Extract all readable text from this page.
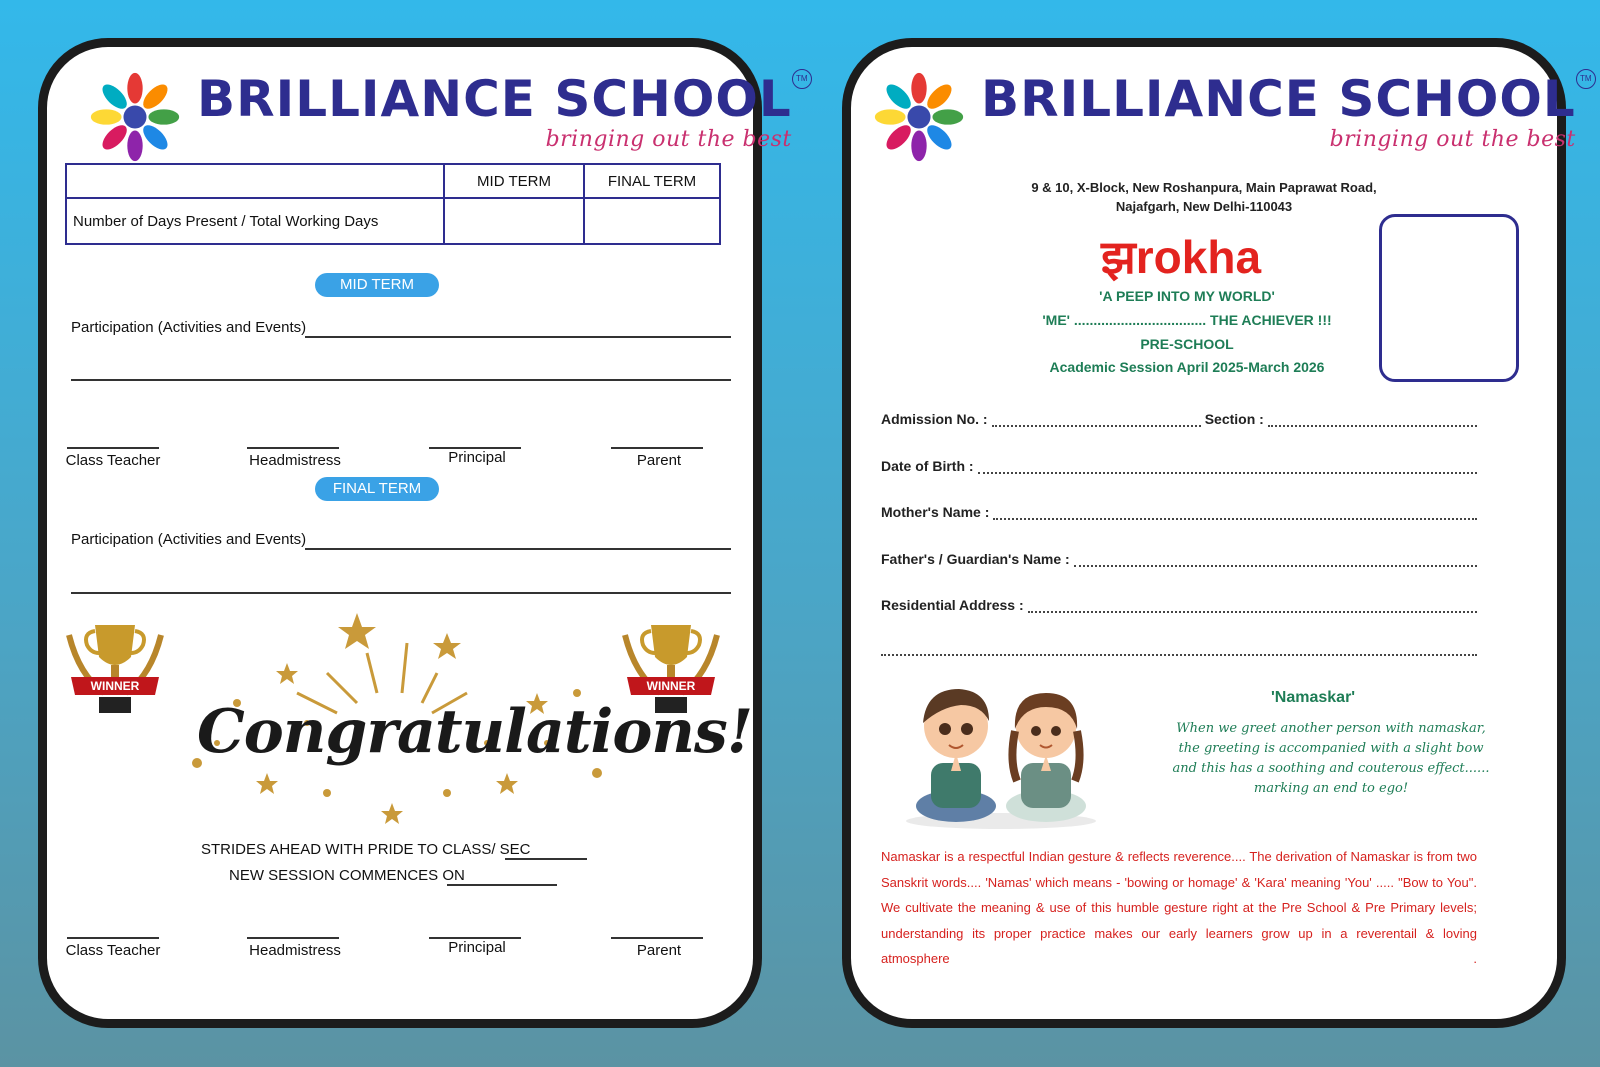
BRILLIANCE SCHOOL TM
bringing out the best
	MID TERM	FINAL TERM
Number of Days Present / Total Working Days		
MID TERM
Participation (Activities and Events)
Class Teacher	Headmistress	Principal	Parent
FINAL TERM
Participation (Activities and Events)
WINNER	WINNER
Congratulations!
STRIDES AHEAD WITH PRIDE TO CLASS/ SEC
NEW SESSION COMMENCES ON
Class Teacher	Headmistress	Principal	Parent
BRILLIANCE SCHOOL TM
bringing out the best
9 & 10, X-Block, New Roshanpura, Main Paprawat Road,
Najafgarh, New Delhi-110043
झrokha
'A PEEP INTO MY WORLD'
'ME' .................................. THE ACHIEVER !!!
PRE-SCHOOL
Academic Session April 2025-March 2026
Admission No. :	Section :
Date of Birth :
Mother's Name :
Father's / Guardian's Name :
Residential Address :
'Namaskar'
When we greet another person with namaskar, the greeting is accompanied with a slight bow and this has a soothing and couterous effect...... marking an end to ego!
Namaskar is a respectful Indian gesture & reflects reverence.... The derivation of Namaskar is from two Sanskrit words.... 'Namas' which means - 'bowing or homage' & 'Kara' meaning 'You' ..... "Bow to You". We cultivate the meaning & use of this humble gesture right at the Pre School & Pre Primary levels; understanding its proper practice makes our early learners grow up in a reverentail & loving atmosphere	.
